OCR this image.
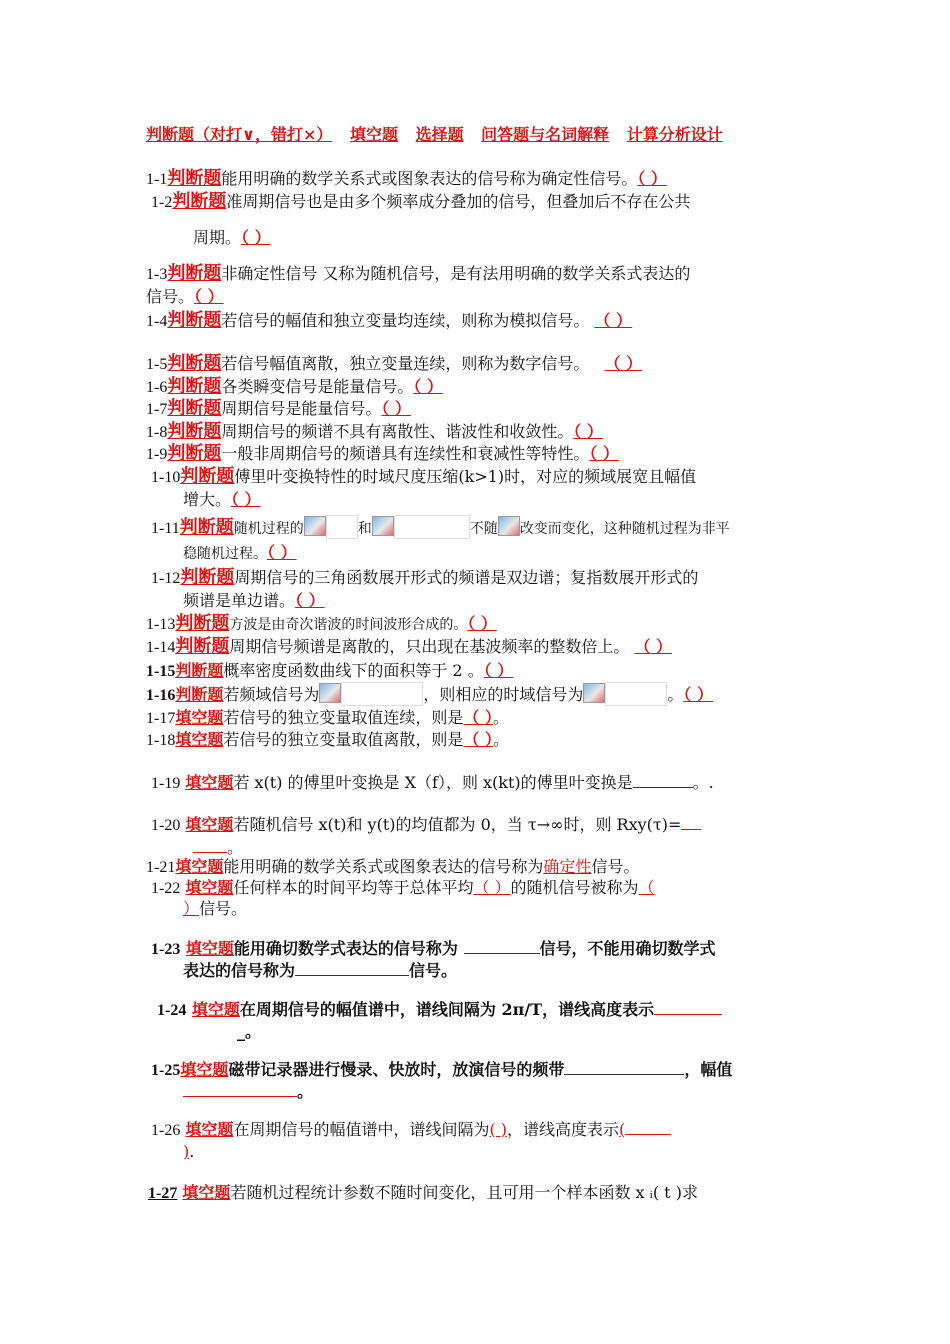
判断题（对打∨，错打×） 填空题 选择题 问答题与名词解释 计算分析设计
1-1判断题能用明确的数学关系式或图象表达的信号称为确定性信号。（ ）
1-2判断题准周期信号也是由多个频率成分叠加的信号，但叠加后不存在公共
周期。（ ）
1-3判断题非确定性信号 又称为随机信号，是有法用明确的数学关系式表达的
信号。（ ）
1-4判断题若信号的幅值和独立变量均连续，则称为模拟信号。 （ ）
1-5判断题若信号幅值离散，独立变量连续，则称为数字信号。 （ ）
1-6判断题各类瞬变信号是能量信号。（ ）
1-7判断题周期信号是能量信号。（ ）
1-8判断题周期信号的频谱不具有离散性、谐波性和收敛性。（ ）
1-9判断题一般非周期信号的频谱具有连续性和衰减性等特性。（ ）
1-10判断题傅里叶变换特性的时域尺度压缩(k>1)时，对应的频域展宽且幅值
增大。（ ）
1-11判断题随机过程的	和	不随 改变而变化，这种随机过程为非平
稳随机过程。（ ）
1-12判断题周期信号的三角函数展开形式的频谱是双边谱；复指数展开形式的
频谱是单边谱。（ ）
1-13判断题方波是由奇次谐波的时间波形合成的。（ ）
1-14判断题周期信号频谱是离散的，只出现在基波频率的整数倍上。 （ ）
1-15判断题概率密度函数曲线下的面积等于 2 。（ ）
1-16判断题若频域信号为	，则相应的时域信号为	。（ ）
1-17填空题若信号的独立变量取值连续，则是（ ）。
1-18填空题若信号的独立变量取值离散，则是（ ）。
1-19 填空题若 x(t) 的傅里叶变换是 X（f），则 x(kt)的傅里叶变换是	。.
1-20 填空题若随机信号 x(t)和 y(t)的均值都为 0，当 τ→∞时，则 Rxy(τ)=
。
1-21填空题能用明确的数学关系式或图象表达的信号称为确定性信号。
1-22 填空题任何样本的时间平均等于总体平均（ ）的随机信号被称为（
）信号。
1-23 填空题能用确切数学式表达的信号称为	信号，不能用确切数学式
表达的信号称为	信号。
1-24 填空题在周期信号的幅值谱中，谱线间隔为 2π/T，谱线高度表示
_。
1-25填空题磁带记录器进行慢录、快放时，放演信号的频带	，幅值
。
1-26 填空题在周期信号的幅值谱中，谱线间隔为( )，谱线高度表示(
).
1-27 填空题若随机过程统计参数不随时间变化，且可用一个样本函数 x ᵢ( t )求
